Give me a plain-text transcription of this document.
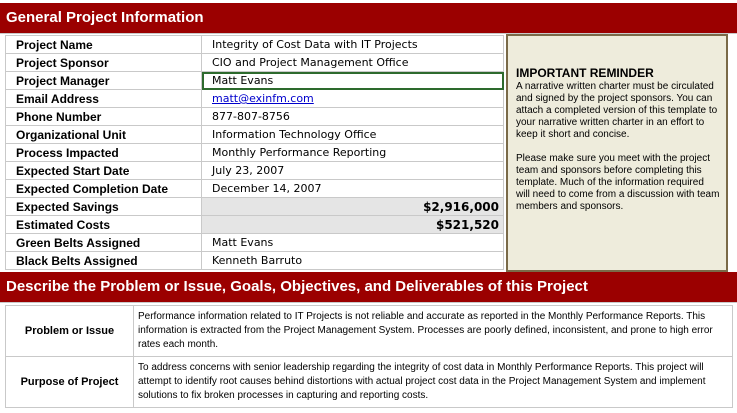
General Project Information
Project Name	Integrity of Cost Data with IT Projects
Project Sponsor	CIO and Project Management Office
Project Manager	Matt Evans
Email Address	matt@exinfm.com
Phone Number	877-807-8756
Organizational Unit	Information Technology Office
Process Impacted	Monthly Performance Reporting
Expected Start Date	July 23, 2007
Expected Completion Date	December 14, 2007
Expected Savings	$2,916,000
Estimated Costs	$521,520
Green Belts Assigned	Matt Evans
Black Belts Assigned	Kenneth Barruto

IMPORTANT REMINDER

A narrative written charter must be circulated and signed by the project sponsors. You can attach a completed version of this template to your narrative written charter in an effort to keep it short and concise.

Please make sure you meet with the project team and sponsors before completing this template. Much of the information required will need to come from a discussion with team members and sponsors.

Describe the Problem or Issue, Goals, Objectives, and Deliverables of this Project
Problem or Issue	Performance information related to IT Projects is not reliable and accurate as reported in the Monthly Performance Reports. This information is extracted from the Project Management System. Processes are poorly defined, inconsistent, and prone to high error rates each month.
Purpose of Project	To address concerns with senior leadership regarding the integrity of cost data in Monthly Performance Reports. This project will attempt to identify root causes behind distortions with actual project cost data in the Project Management System and implement solutions to fix broken processes in capturing and reporting costs.
